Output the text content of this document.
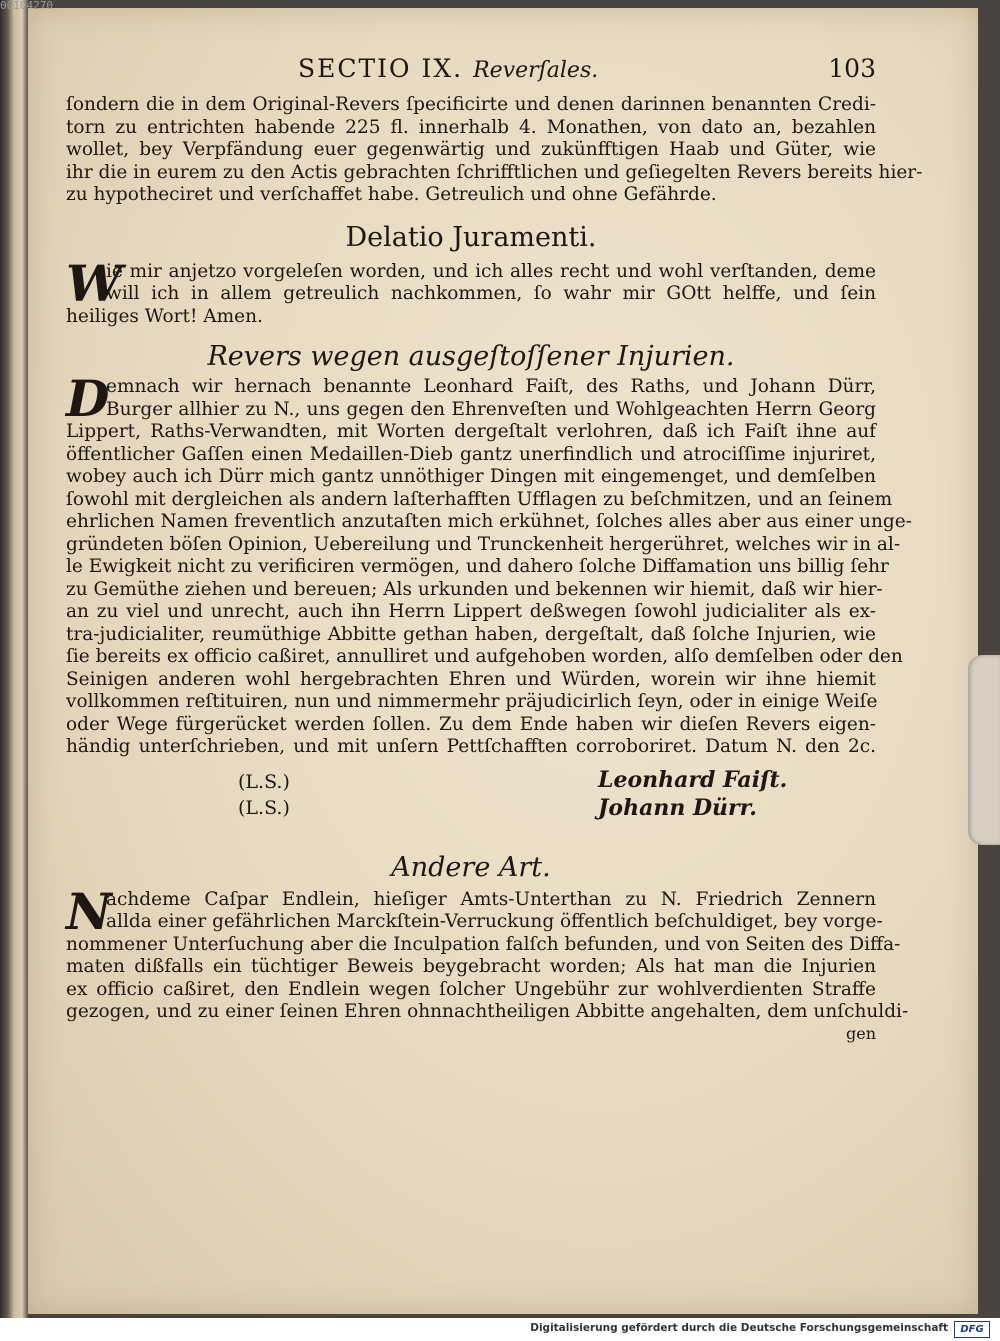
00104270
SECTIO IX. Reverſales.	103
ſondern die in dem Original-Revers ſpecificirte und denen darinnen benannten Credi-
torn zu entrichten habende 225 fl. innerhalb 4. Monathen, von dato an, bezahlen
wollet, bey Verpfändung euer gegenwärtig und zukünfftigen Haab und Güter, wie
ihr die in eurem zu den Actis gebrachten ſchrifftlichen und geſiegelten Revers bereits hier-
zu hypotheciret und verſchaffet habe. Getreulich und ohne Gefährde.
Delatio Juramenti.
W
ie mir anjetzo vorgeleſen worden, und ich alles recht und wohl verſtanden, deme
will ich in allem getreulich nachkommen, ſo wahr mir GOtt helffe, und ſein
heiliges Wort! Amen.
Revers wegen ausgeſtoſſener Injurien.
D
emnach wir hernach benannte Leonhard Faiſt, des Raths, und Johann Dürr,
Burger allhier zu N., uns gegen den Ehrenveſten und Wohlgeachten Herrn Georg
Lippert, Raths-Verwandten, mit Worten dergeſtalt verlohren, daß ich Faiſt ihne auf
öffentlicher Gaſſen einen Medaillen-Dieb gantz unerfindlich und atrociſſime injuriret,
wobey auch ich Dürr mich gantz unnöthiger Dingen mit eingemenget, und demſelben
ſowohl mit dergleichen als andern laſterhafften Ufflagen zu beſchmitzen, und an ſeinem
ehrlichen Namen freventlich anzutaſten mich erkühnet, ſolches alles aber aus einer unge-
gründeten böſen Opinion, Uebereilung und Trunckenheit hergerühret, welches wir in al-
le Ewigkeit nicht zu verificiren vermögen, und dahero ſolche Diffamation uns billig ſehr
zu Gemüthe ziehen und bereuen; Als urkunden und bekennen wir hiemit, daß wir hier-
an zu viel und unrecht, auch ihn Herrn Lippert deßwegen ſowohl judicialiter als ex-
tra-judicialiter, reumüthige Abbitte gethan haben, dergeſtalt, daß ſolche Injurien, wie
ſie bereits ex officio caßiret, annulliret und aufgehoben worden, alſo demſelben oder den
Seinigen anderen wohl hergebrachten Ehren und Würden, worein wir ihne hiemit
vollkommen reſtituiren, nun und nimmermehr präjudicirlich ſeyn, oder in einige Weiſe
oder Wege fürgerücket werden ſollen. Zu dem Ende haben wir dieſen Revers eigen-
händig unterſchrieben, und mit unſern Pettſchafften corroboriret. Datum N. den 2c.
(L.S.)
(L.S.)
Leonhard Faiſt.
Johann Dürr.
Andere Art.
N
achdeme Caſpar Endlein, hieſiger Amts-Unterthan zu N. Friedrich Zennern
allda einer gefährlichen Marckſtein-Verruckung öffentlich beſchuldiget, bey vorge-
nommener Unterſuchung aber die Inculpation falſch befunden, und von Seiten des Diffa-
maten dißfalls ein tüchtiger Beweis beygebracht worden; Als hat man die Injurien
ex officio caßiret, den Endlein wegen ſolcher Ungebühr zur wohlverdienten Straffe
gezogen, und zu einer ſeinen Ehren ohnnachtheiligen Abbitte angehalten, dem unſchuldi-
gen
Digitalisierung gefördert durch die Deutsche Forschungsgemeinschaft	DFG
